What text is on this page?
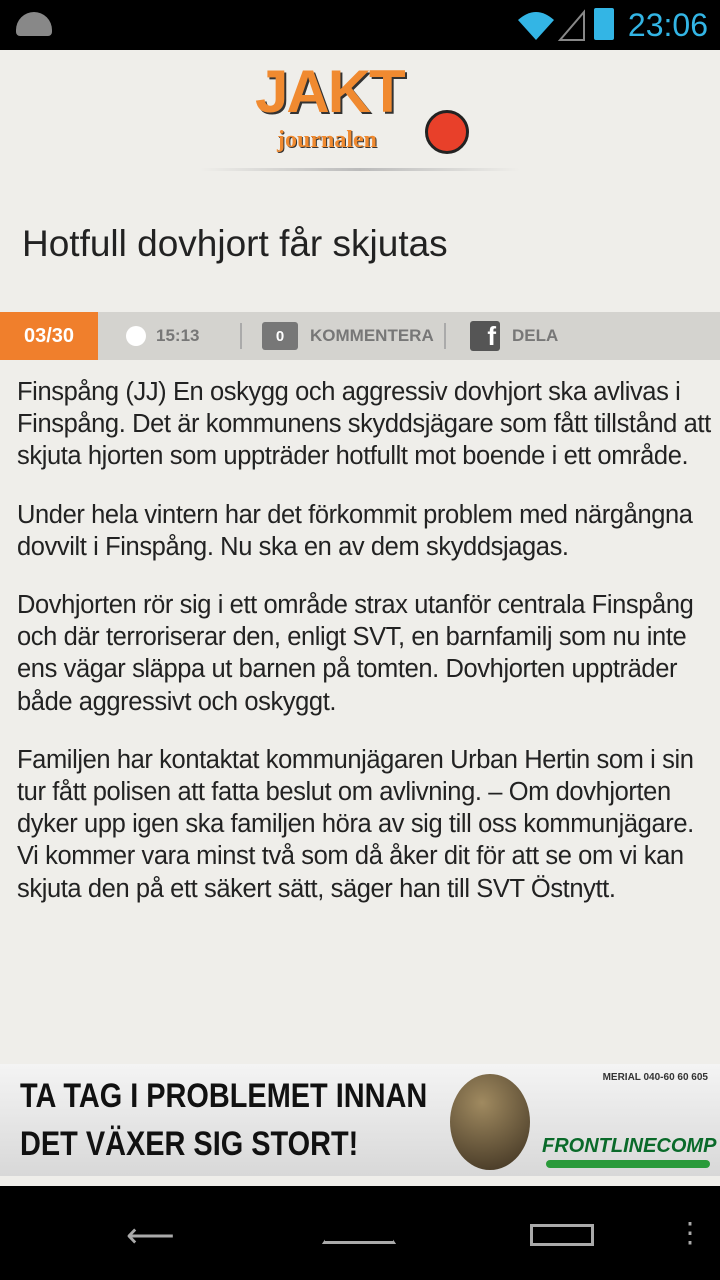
23:06
JAKT
journalen
Hotfull dovhjort får skjutas
03/30	15:13	0	KOMMENTERA	f DELA

Finspång (JJ) En oskygg och aggressiv dovhjort ska avlivas i Finspång. Det är kommunens skyddsjägare som fått tillstånd att skjuta hjorten som uppträder hotfullt mot boende i ett område.

Under hela vintern har det förkommit problem med närgångna dovvilt i Finspång. Nu ska en av dem skyddsjagas.

Dovhjorten rör sig i ett område strax utanför centrala Finspång och där terroriserar den, enligt SVT, en barnfamilj som nu inte ens vägar släppa ut barnen på tomten. Dovhjorten uppträder både aggressivt och oskyggt.

Familjen har kontaktat kommunjägaren Urban Hertin som i sin tur fått polisen att fatta beslut om avlivning. – Om dovhjorten dyker upp igen ska familjen höra av sig till oss kommunjägare. Vi kommer vara minst två som då åker dit för att se om vi kan skjuta den på ett säkert sätt, säger han till SVT Östnytt.

TA TAG I PROBLEMET INNAN
DET VÄXER SIG STORT!
MERIAL 040-60 60 605
FRONTLINECOMP
⟵	⋮
